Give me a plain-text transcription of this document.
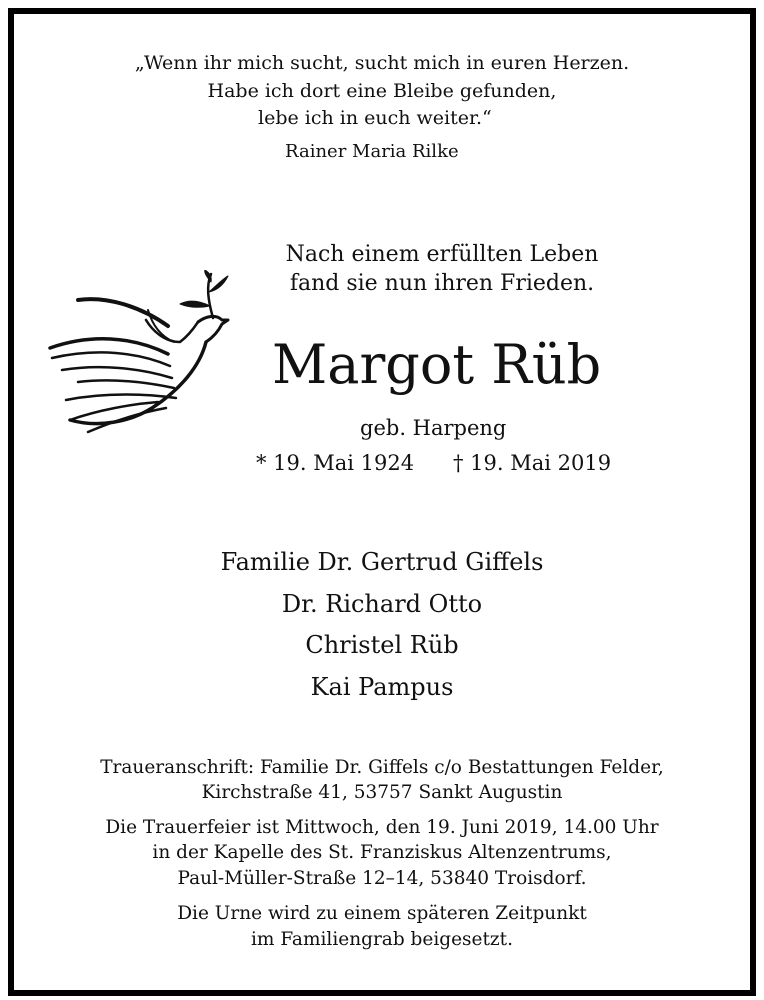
„Wenn ihr mich sucht, sucht mich in euren Herzen.
Habe ich dort eine Bleibe gefunden,
lebe ich in euch weiter.“
Rainer Maria Rilke
Nach einem erfüllten Leben
fand sie nun ihren Frieden.
Margot Rüb
geb. Harpeng
* 19. Mai 1924 † 19. Mai 2019
Familie Dr. Gertrud Giffels
Dr. Richard Otto
Christel Rüb
Kai Pampus
Traueranschrift: Familie Dr. Giffels c/o Bestattungen Felder,
Kirchstraße 41, 53757 Sankt Augustin
Die Trauerfeier ist Mittwoch, den 19. Juni 2019, 14.00 Uhr
in der Kapelle des St. Franziskus Altenzentrums,
Paul-Müller-Straße 12–14, 53840 Troisdorf.
Die Urne wird zu einem späteren Zeitpunkt
im Familiengrab beigesetzt.
